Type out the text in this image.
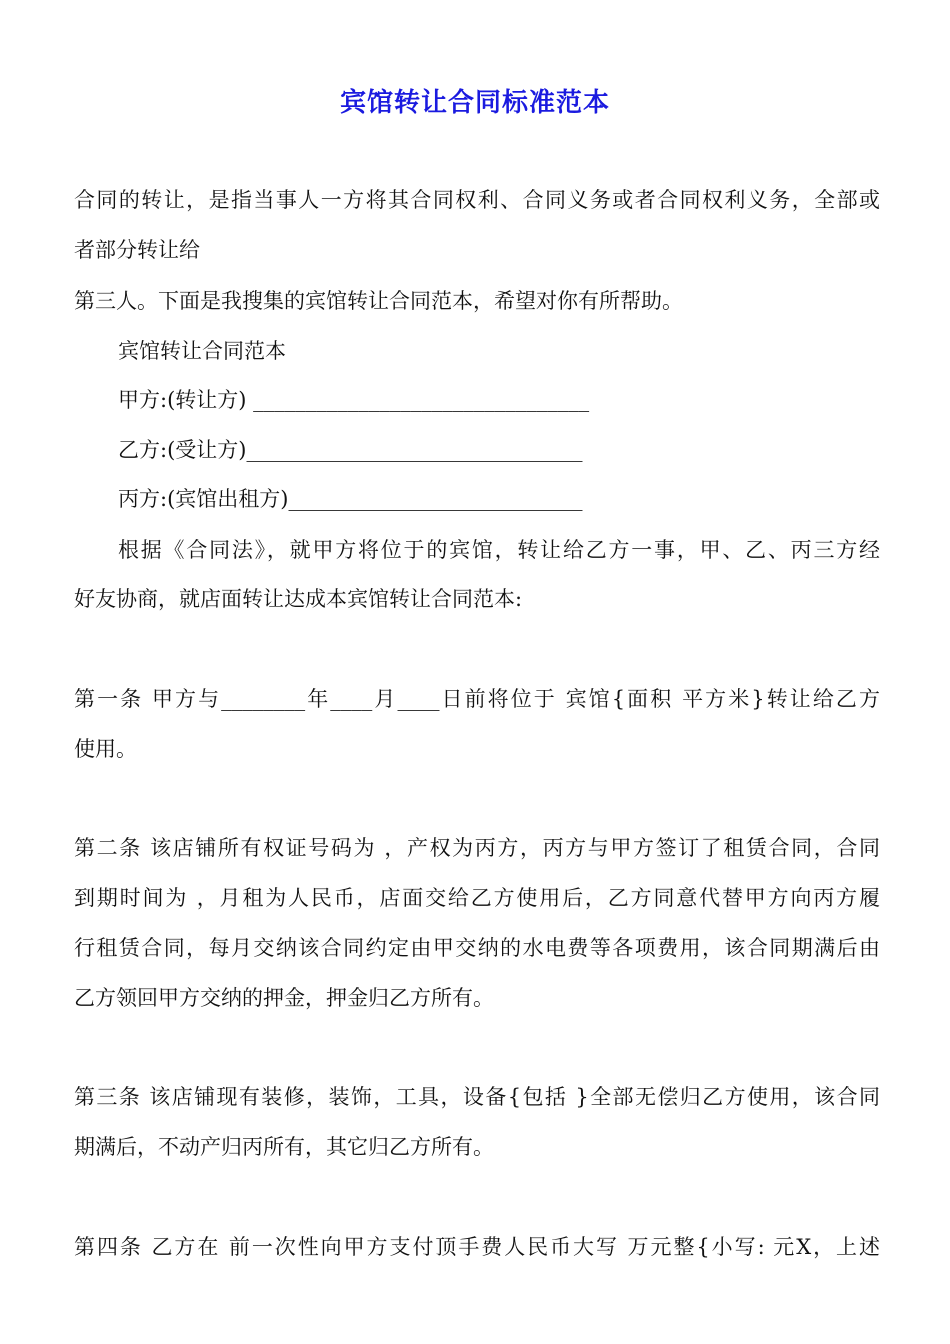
宾馆转让合同标准范本
合同的转让，是指当事人一方将其合同权利、合同义务或者合同权利义务，全部或
者部分转让给
第三人。下面是我搜集的宾馆转让合同范本，希望对你有所帮助。
宾馆转让合同范本
甲方:(转让方) ________________________________
乙方:(受让方)________________________________
丙方:(宾馆出租方)____________________________
根据《合同法》，就甲方将位于的宾馆，转让给乙方一事，甲、乙、丙三方经
好友协商，就店面转让达成本宾馆转让合同范本:
第一条 甲方与________年____月____日前将位于 宾馆{面积 平方米}转让给乙方
使用。
第二条 该店铺所有权证号码为 ，产权为丙方，丙方与甲方签订了租赁合同，合同
到期时间为 ，月租为人民币，店面交给乙方使用后，乙方同意代替甲方向丙方履
行租赁合同，每月交纳该合同约定由甲交纳的水电费等各项费用，该合同期满后由
乙方领回甲方交纳的押金，押金归乙方所有。
第三条 该店铺现有装修，装饰，工具，设备{包括 }全部无偿归乙方使用，该合同
期满后，不动产归丙所有，其它归乙方所有。
第四条 乙方在 前一次性向甲方支付顶手费人民币大写 万元整{小写: 元X，上述
